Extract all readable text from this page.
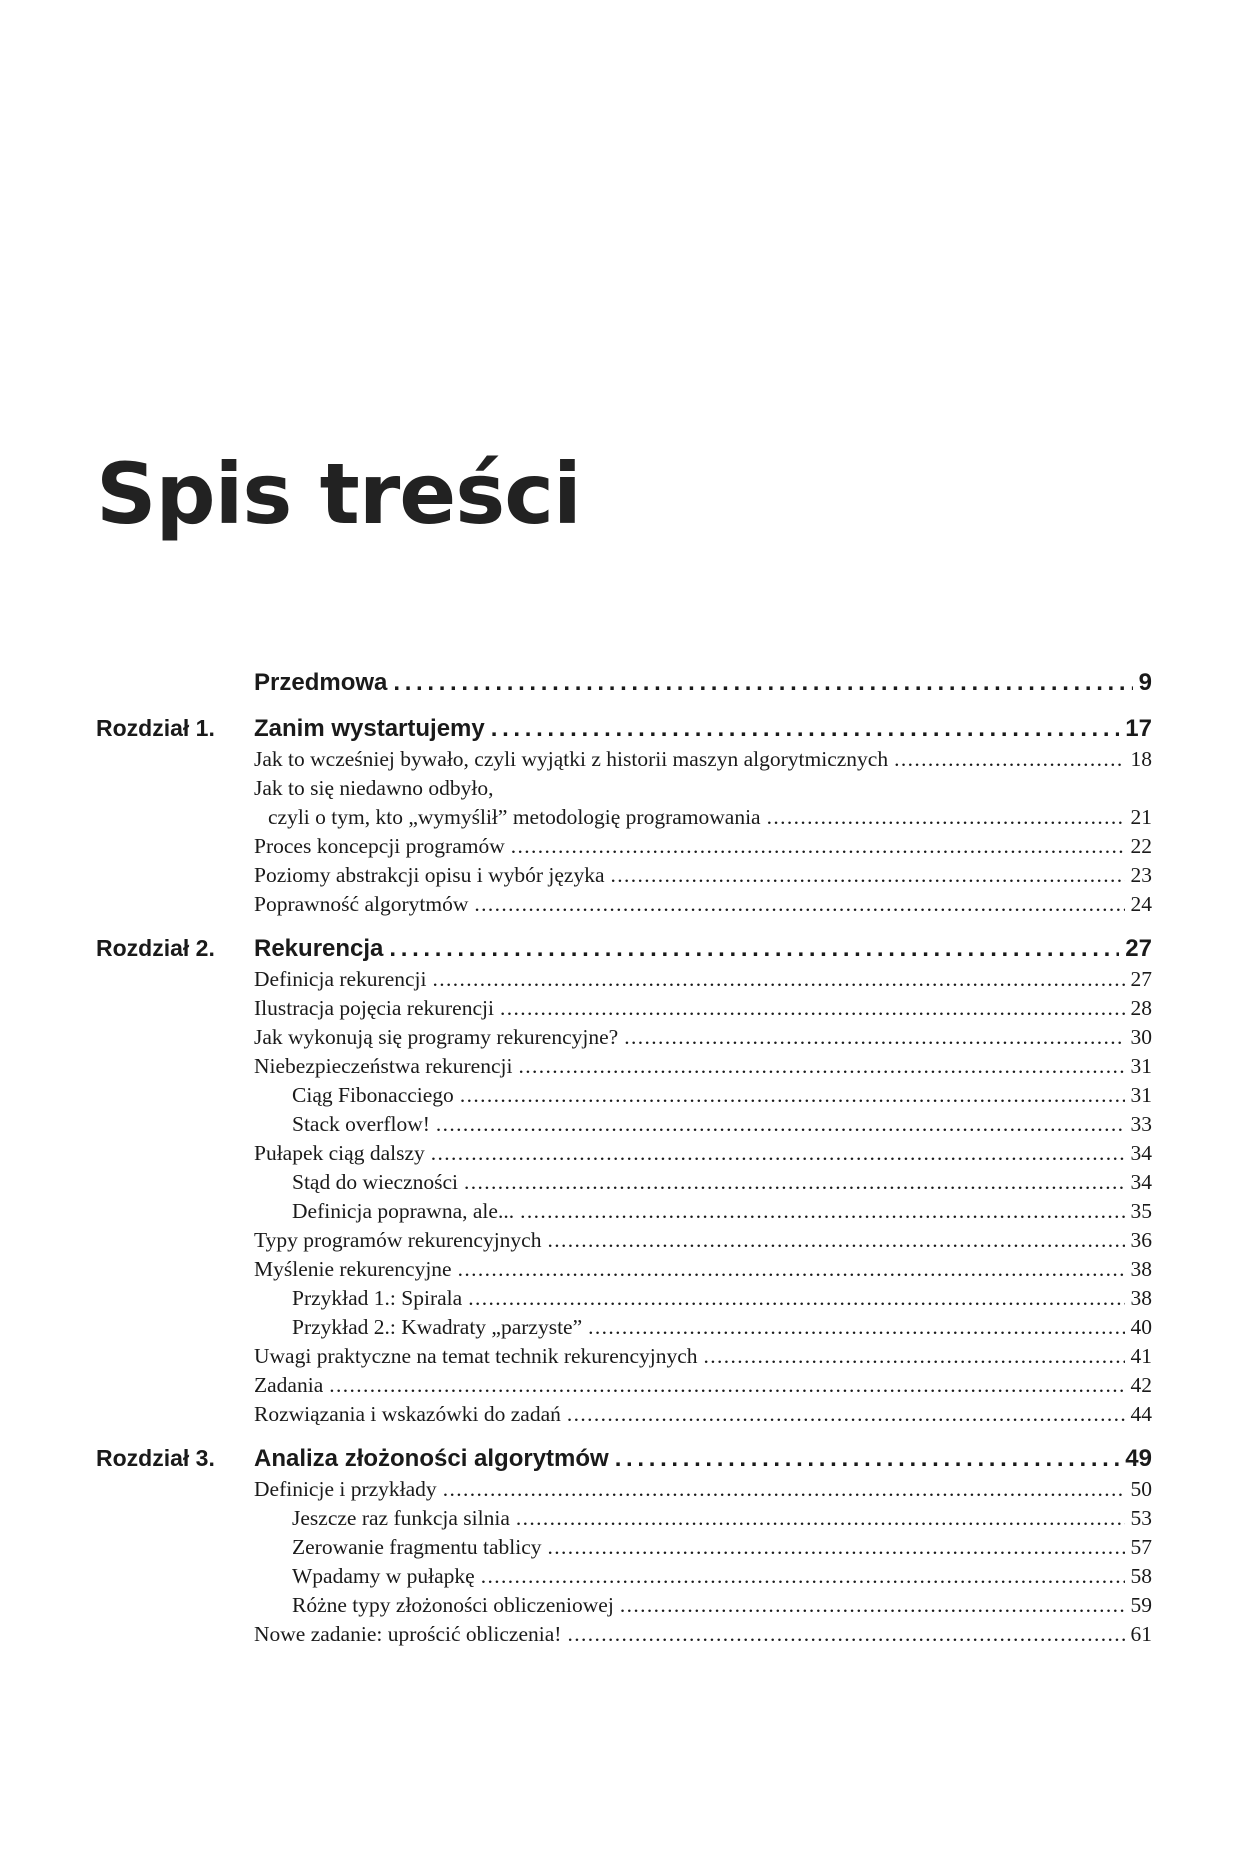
Spis treści
Przedmowa . . .	9
Rozdział 1. Zanim wystartujemy . . .	17
Jak to wcześniej bywało, czyli wyjątki z historii maszyn algorytmicznych . . .	18
Jak to się niedawno odbyło,
czyli o tym, kto „wymyślił” metodologię programowania . . .	21
Proces koncepcji programów . . .	22
Poziomy abstrakcji opisu i wybór języka . . .	23
Poprawność algorytmów . . .	24
Rozdział 2. Rekurencja . . .	27
Definicja rekurencji . . .	27
Ilustracja pojęcia rekurencji . . .	28
Jak wykonują się programy rekurencyjne? . . .	30
Niebezpieczeństwa rekurencji . . .	31
Ciąg Fibonacciego . . .	31
Stack overflow! . . .	33
Pułapek ciąg dalszy . . .	34
Stąd do wieczności . . .	34
Definicja poprawna, ale... . . .	35
Typy programów rekurencyjnych . . .	36
Myślenie rekurencyjne . . .	38
Przykład 1.: Spirala . . .	38
Przykład 2.: Kwadraty „parzyste” . . .	40
Uwagi praktyczne na temat technik rekurencyjnych . . .	41
Zadania . . .	42
Rozwiązania i wskazówki do zadań . . .	44
Rozdział 3. Analiza złożoności algorytmów . . .	49
Definicje i przykłady . . .	50
Jeszcze raz funkcja silnia . . .	53
Zerowanie fragmentu tablicy . . .	57
Wpadamy w pułapkę . . .	58
Różne typy złożoności obliczeniowej . . .	59
Nowe zadanie: uprościć obliczenia! . . .	61
